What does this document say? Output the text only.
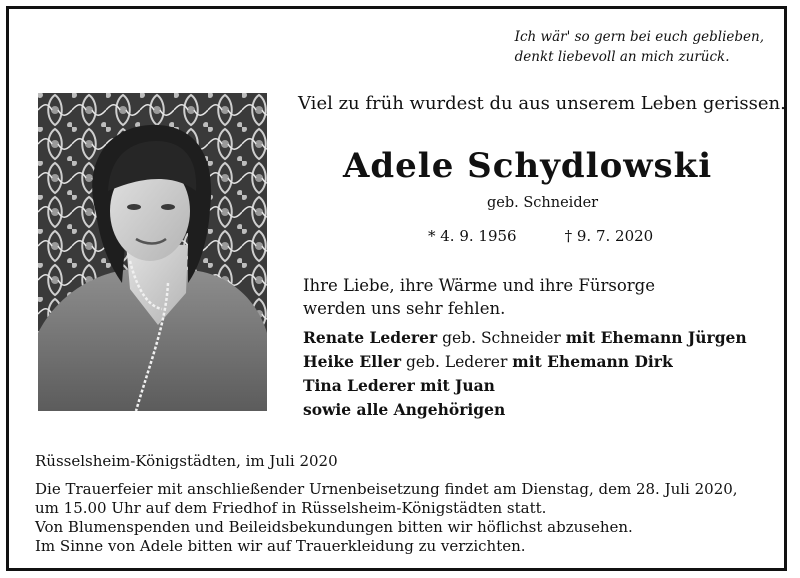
Ich wär' so gern bei euch geblieben,
denkt liebevoll an mich zurück.
Viel zu früh wurdest du aus unserem Leben gerissen.
Adele Schydlowski
geb. Schneider
* 4. 9. 1956	† 9. 7. 2020
Ihre Liebe, ihre Wärme und ihre Fürsorge
werden uns sehr fehlen.
Renate Lederer geb. Schneider mit Ehemann Jürgen
Heike Eller geb. Lederer mit Ehemann Dirk
Tina Lederer mit Juan
sowie alle Angehörigen
Rüsselsheim-Königstädten, im Juli 2020
Die Trauerfeier mit anschließender Urnenbeisetzung findet am Dienstag, dem 28. Juli 2020,
um 15.00 Uhr auf dem Friedhof in Rüsselsheim-Königstädten statt.
Von Blumenspenden und Beileidsbekundungen bitten wir höflichst abzusehen.
Im Sinne von Adele bitten wir auf Trauerkleidung zu verzichten.
